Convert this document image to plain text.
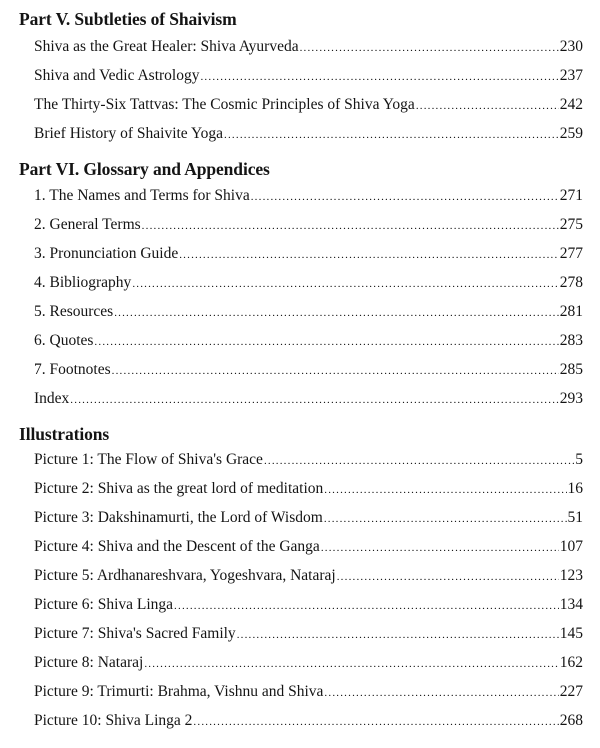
Part V. Subtleties of Shaivism
Shiva as the Great Healer: Shiva Ayurveda .....	230
Shiva and Vedic Astrology .....	237
The Thirty-Six Tattvas: The Cosmic Principles of Shiva Yoga .....	242
Brief History of Shaivite Yoga .....	259
Part VI. Glossary and Appendices
1. The Names and Terms for Shiva .....	271
2. General Terms .....	275
3. Pronunciation Guide .....	277
4. Bibliography .....	278
5. Resources .....	281
6. Quotes .....	283
7. Footnotes .....	285
Index .....	293
Illustrations
Picture 1: The Flow of Shiva's Grace .....	5
Picture 2: Shiva as the great lord of meditation .....	16
Picture 3: Dakshinamurti, the Lord of Wisdom .....	51
Picture 4: Shiva and the Descent of the Ganga .....	107
Picture 5: Ardhanareshvara, Yogeshvara, Nataraj .....	123
Picture 6: Shiva Linga .....	134
Picture 7: Shiva's Sacred Family .....	145
Picture 8: Nataraj .....	162
Picture 9: Trimurti: Brahma, Vishnu and Shiva .....	227
Picture 10: Shiva Linga 2 .....	268
